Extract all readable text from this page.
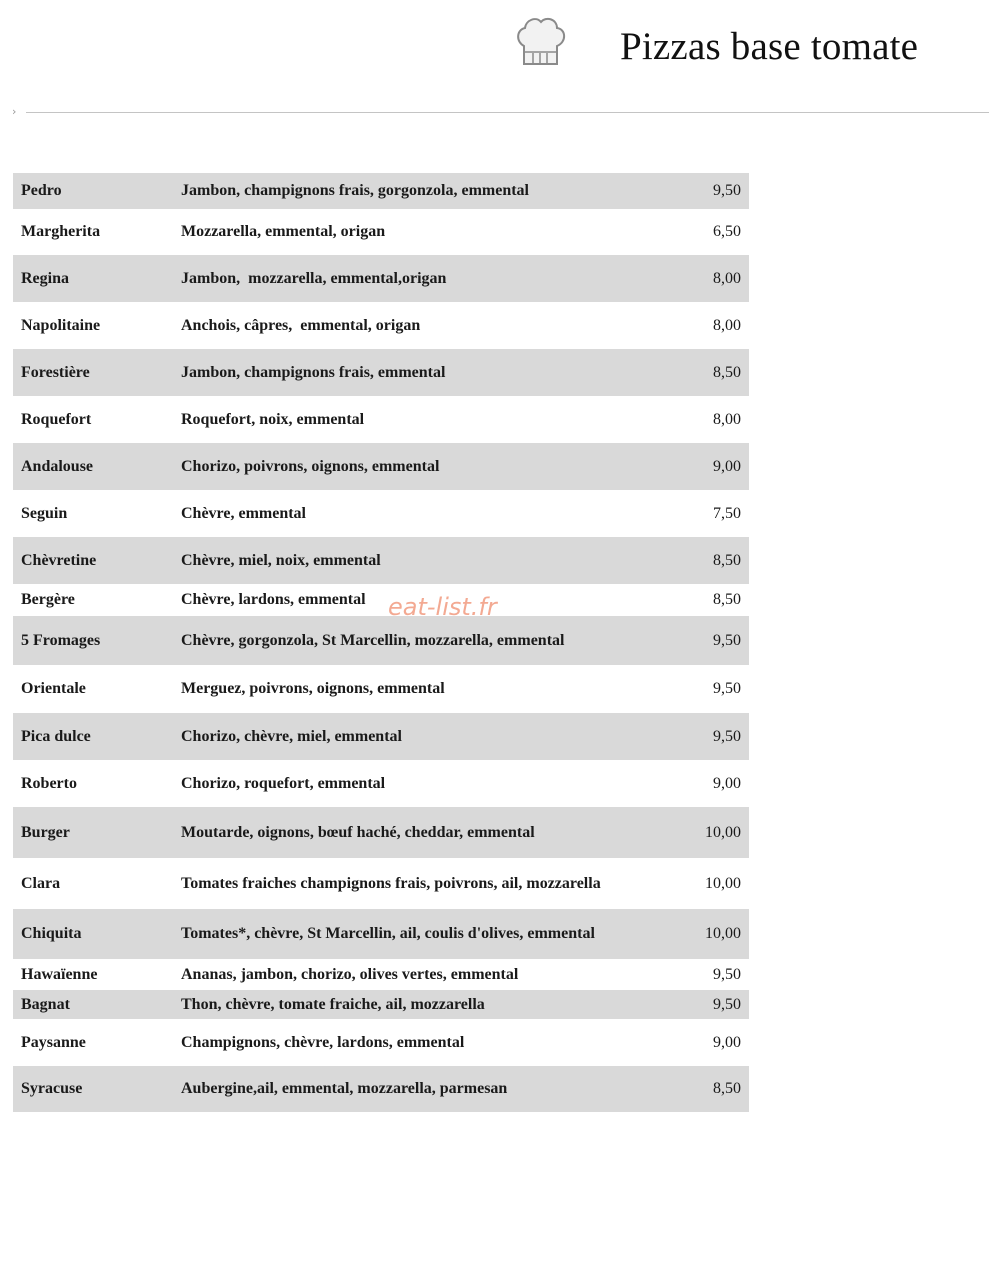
Pizzas base tomate
›
Pedro	Jambon, champignons frais, gorgonzola, emmental	9,50
Margherita	Mozzarella, emmental, origan	6,50
Regina	Jambon,  mozzarella, emmental,origan	8,00
Napolitaine	Anchois, câpres,  emmental, origan	8,00
Forestière	Jambon, champignons frais, emmental	8,50
Roquefort	Roquefort, noix, emmental	8,00
Andalouse	Chorizo, poivrons, oignons, emmental	9,00
Seguin	Chèvre, emmental	7,50
Chèvretine	Chèvre, miel, noix, emmental	8,50
Bergère	Chèvre, lardons, emmental	8,50
5 Fromages	Chèvre, gorgonzola, St Marcellin, mozzarella, emmental	9,50
Orientale	Merguez, poivrons, oignons, emmental	9,50
Pica dulce	Chorizo, chèvre, miel, emmental	9,50
Roberto	Chorizo, roquefort, emmental	9,00
Burger	Moutarde, oignons, bœuf haché, cheddar, emmental	10,00
Clara	Tomates fraiches champignons frais, poivrons, ail, mozzarella	10,00
Chiquita	Tomates*, chèvre, St Marcellin, ail, coulis d'olives, emmental	10,00
Hawaïenne	Ananas, jambon, chorizo, olives vertes, emmental	9,50
Bagnat	Thon, chèvre, tomate fraiche, ail, mozzarella	9,50
Paysanne	Champignons, chèvre, lardons, emmental	9,00
Syracuse	Aubergine,ail, emmental, mozzarella, parmesan	8,50
eat-list.fr
